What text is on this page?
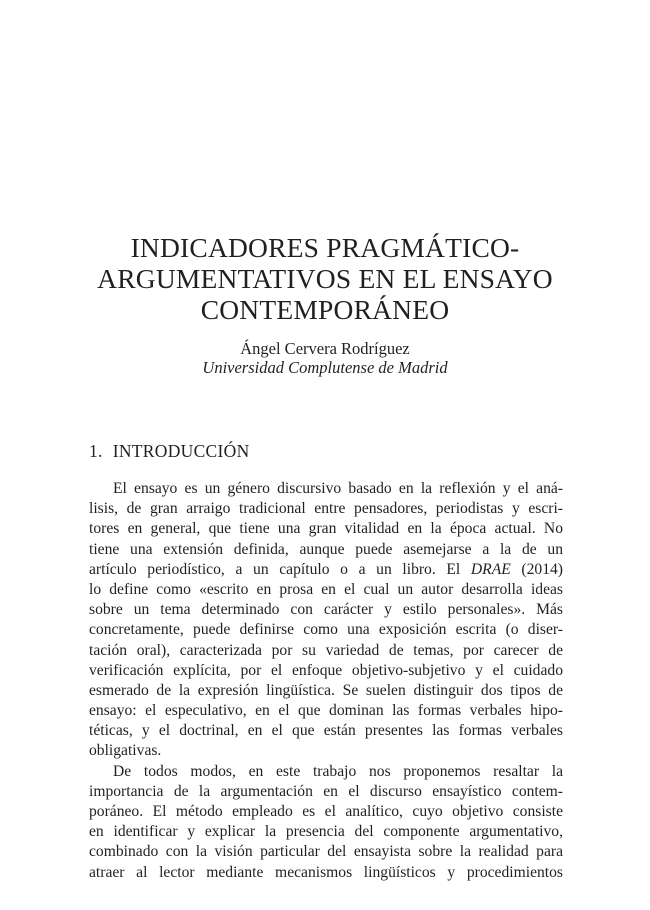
INDICADORES PRAGMÁTICO-
ARGUMENTATIVOS EN EL ENSAYO
CONTEMPORÁNEO
Ángel Cervera Rodríguez
Universidad Complutense de Madrid
1. INTRODUCCIÓN
El ensayo es un género discursivo basado en la reflexión y el aná-
lisis, de gran arraigo tradicional entre pensadores, periodistas y escri-
tores en general, que tiene una gran vitalidad en la época actual. No
tiene una extensión definida, aunque puede asemejarse a la de un
artículo periodístico, a un capítulo o a un libro. El DRAE (2014)
lo define como «escrito en prosa en el cual un autor desarrolla ideas
sobre un tema determinado con carácter y estilo personales». Más
concretamente, puede definirse como una exposición escrita (o diser-
tación oral), caracterizada por su variedad de temas, por carecer de
verificación explícita, por el enfoque objetivo-subjetivo y el cuidado
esmerado de la expresión lingüística. Se suelen distinguir dos tipos de
ensayo: el especulativo, en el que dominan las formas verbales hipo-
téticas, y el doctrinal, en el que están presentes las formas verbales
obligativas.
De todos modos, en este trabajo nos proponemos resaltar la
importancia de la argumentación en el discurso ensayístico contem-
poráneo. El método empleado es el analítico, cuyo objetivo consiste
en identificar y explicar la presencia del componente argumentativo,
combinado con la visión particular del ensayista sobre la realidad para
atraer al lector mediante mecanismos lingüísticos y procedimientos
